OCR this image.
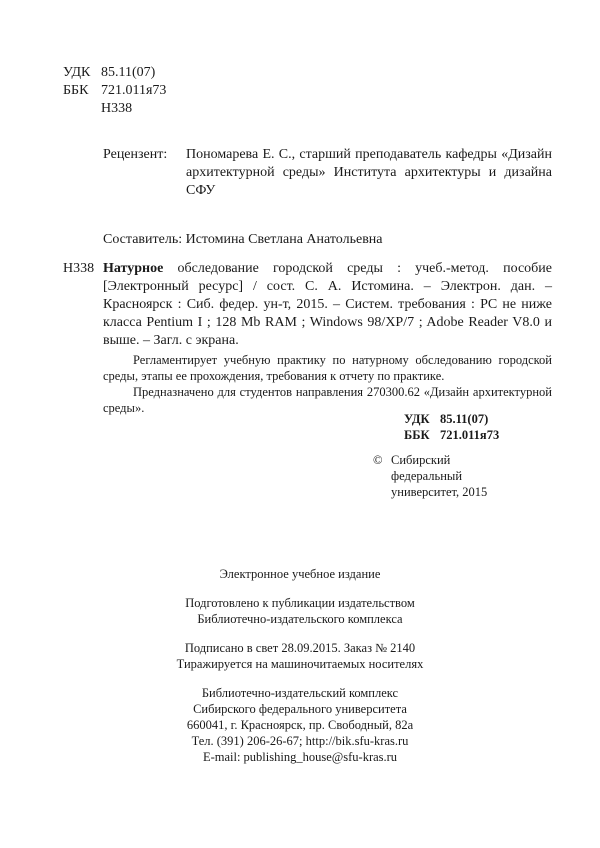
УДК 85.11(07)
ББК 721.011я73
Н338
Рецензент: Пономарева Е. С., старший преподаватель кафедры «Дизайн архитектурной среды» Института архитектуры и дизайна СФУ
Составитель: Истомина Светлана Анатольевна
Н338 Натурное обследование городской среды : учеб.-метод. пособие [Электронный ресурс] / сост. С. А. Истомина. – Электрон. дан. – Красноярск : Сиб. федер. ун-т, 2015. – Систем. требования : PC не ниже класса Pentium I ; 128 Mb RAM ; Windows 98/XP/7 ; Adobe Reader V8.0 и выше. – Загл. с экрана.

Регламентирует учебную практику по натурному обследованию городской среды, этапы ее прохождения, требования к отчету по практике.

Предназначено для студентов направления 270300.62 «Дизайн архитектурной среды».

УДК 85.11(07)
ББК 721.011я73
© Сибирский
федеральный
университет, 2015
Электронное учебное издание
Подготовлено к публикации издательством
Библиотечно-издательского комплекса
Подписано в свет 28.09.2015. Заказ № 2140
Тиражируется на машиночитаемых носителях
Библиотечно-издательский комплекс
Сибирского федерального университета
660041, г. Красноярск, пр. Свободный, 82а
Тел. (391) 206-26-67; http://bik.sfu-kras.ru
E-mail: publishing_house@sfu-kras.ru
